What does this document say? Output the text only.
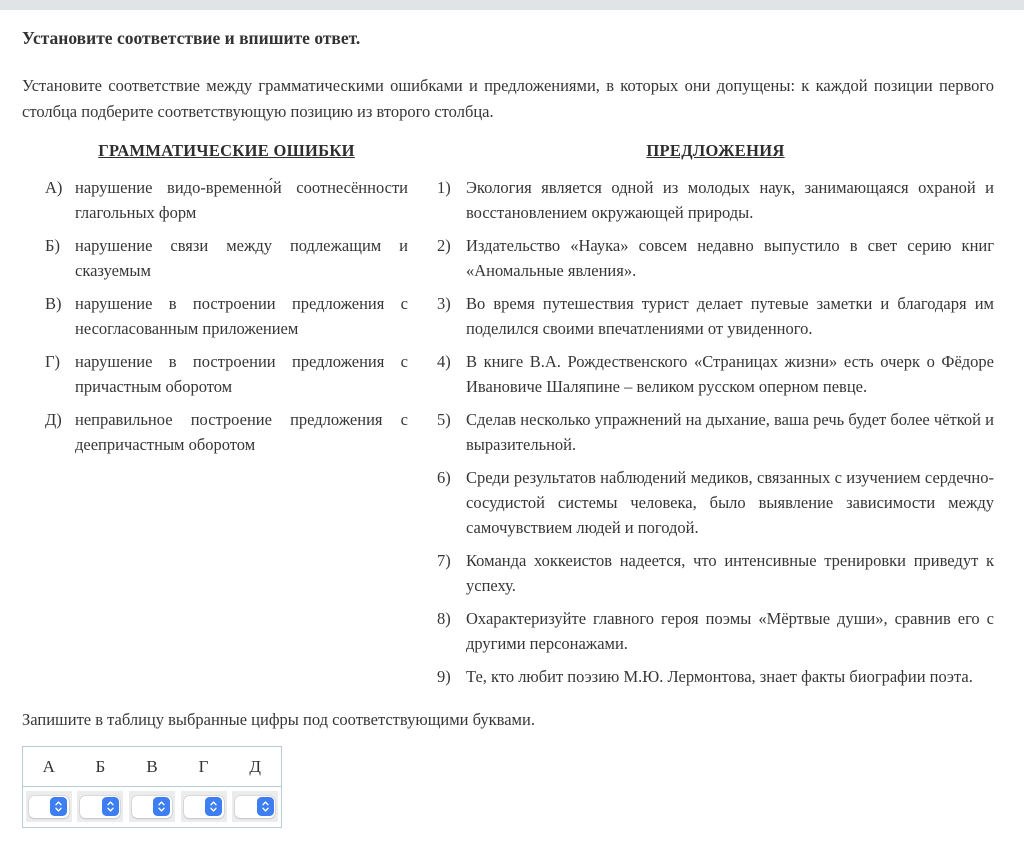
Установите соответствие и впишите ответ.

Установите соответствие между грамматическими ошибками и предложениями, в которых они допущены: к каждой позиции первого столбца подберите соответствующую позицию из второго столбца.

ГРАММАТИЧЕСКИЕ ОШИБКИ
А) нарушение видо-временно́й соотнесённости глагольных форм
Б) нарушение связи между подлежащим и сказуемым
В) нарушение в построении предложения с несогласованным приложением
Г) нарушение в построении предложения с причастным оборотом
Д) неправильное построение предложения с деепричастным оборотом
ПРЕДЛОЖЕНИЯ
1) Экология является одной из молодых наук, занимающаяся охраной и восстановлением окружающей природы.
2) Издательство «Наука» совсем недавно выпустило в свет серию книг «Аномальные явления».
3) Во время путешествия турист делает путевые заметки и благодаря им поделился своими впечатлениями от увиденного.
4) В книге В.А. Рождественского «Страницах жизни» есть очерк о Фёдоре Ивановиче Шаляпине – великом русском оперном певце.
5) Сделав несколько упражнений на дыхание, ваша речь будет более чёткой и выразительной.
6) Среди результатов наблюдений медиков, связанных с изучением сердечно-сосудистой системы человека, было выявление зависимости между самочувствием людей и погодой.
7) Команда хоккеистов надеется, что интенсивные тренировки приведут к успеху.
8) Охарактеризуйте главного героя поэмы «Мёртвые души», сравнив его с другими персонажами.
9) Те, кто любит поэзию М.Ю. Лермонтова, знает факты биографии поэта.

Запишите в таблицу выбранные цифры под соответствующими буквами.

А	Б	В	Г	Д
